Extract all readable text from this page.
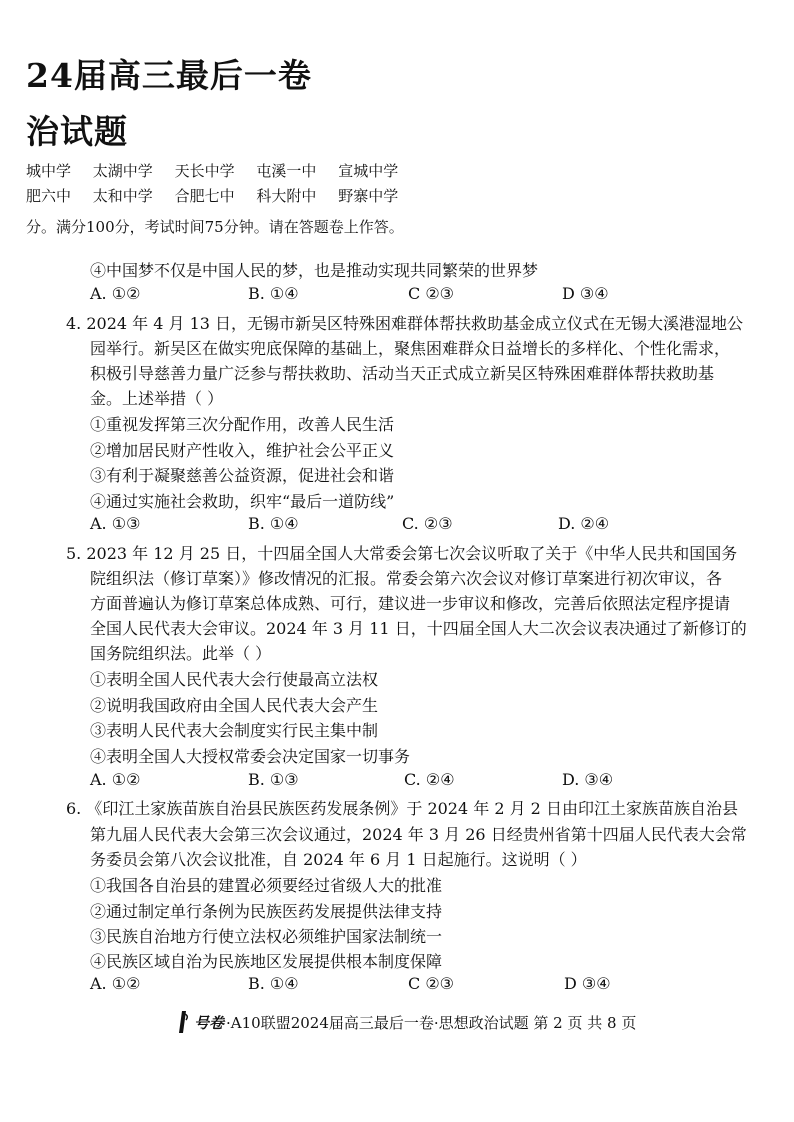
24届高三最后一卷
治试题
城中学 太湖中学 天长中学 屯溪一中 宣城中学
肥六中 太和中学 合肥七中 科大附中 野寨中学
分。满分100分，考试时间75分钟。请在答题卷上作答。
④中国梦不仅是中国人民的梦，也是推动实现共同繁荣的世界梦
A. ①②	B. ①④	C ②③	D ③④
4. 2024 年 4 月 13 日，无锡市新吴区特殊困难群体帮扶救助基金成立仪式在无锡大溪港湿地公
园举行。新吴区在做实兜底保障的基础上，聚焦困难群众日益增长的多样化、个性化需求，
积极引导慈善力量广泛参与帮扶救助、活动当天正式成立新吴区特殊困难群体帮扶救助基
金。上述举措（ ）
①重视发挥第三次分配作用，改善人民生活
②增加居民财产性收入，维护社会公平正义
③有利于凝聚慈善公益资源，促进社会和谐
④通过实施社会救助，织牢“最后一道防线”
A. ①③	B. ①④	C. ②③	D. ②④
5. 2023 年 12 月 25 日，十四届全国人大常委会第七次会议听取了关于《中华人民共和国国务
院组织法（修订草案）》修改情况的汇报。常委会第六次会议对修订草案进行初次审议，各
方面普遍认为修订草案总体成熟、可行，建议进一步审议和修改，完善后依照法定程序提请
全国人民代表大会审议。2024 年 3 月 11 日，十四届全国人大二次会议表决通过了新修订的
国务院组织法。此举（ ）
①表明全国人民代表大会行使最高立法权
②说明我国政府由全国人民代表大会产生
③表明人民代表大会制度实行民主集中制
④表明全国人大授权常委会决定国家一切事务
A. ①②	B. ①③	C. ②④	D. ③④
6. 《印江土家族苗族自治县民族医药发展条例》于 2024 年 2 月 2 日由印江土家族苗族自治县
第九届人民代表大会第三次会议通过，2024 年 3 月 26 日经贵州省第十四届人民代表大会常
务委员会第八次会议批准，自 2024 年 6 月 1 日起施行。这说明（ ）
①我国各自治县的建置必须要经过省级人大的批准
②通过制定单行条例为民族医药发展提供法律支持
③民族自治地方行使立法权必须维护国家法制统一
④民族区域自治为民族地区发展提供根本制度保障
A. ①②	B. ①④	C ②③	D ③④
号卷 ·A10联盟2024届高三最后一卷·思想政治试题 第 2 页 共 8 页
